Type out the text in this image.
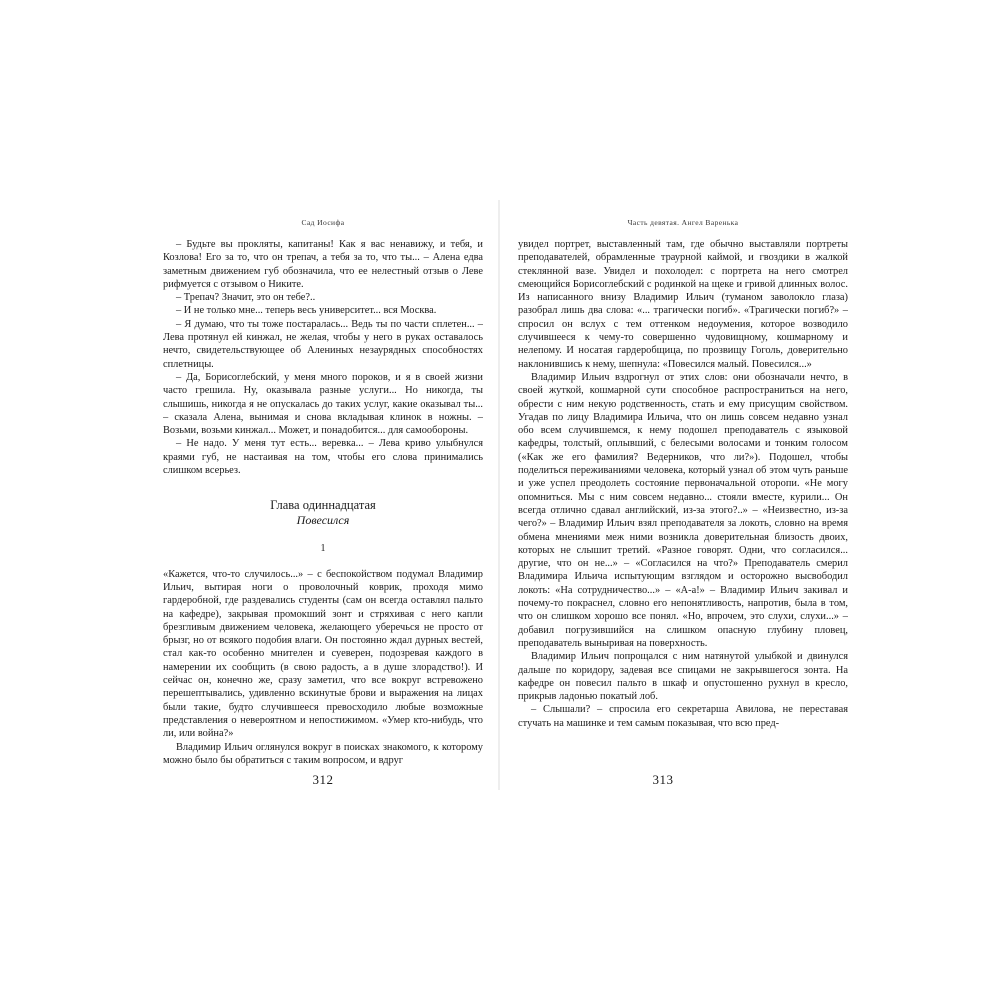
Сад Иосифа

– Будьте вы прокляты, капитаны! Как я вас ненавижу, и тебя, и Козлова! Его за то, что он трепач, а тебя за то, что ты... – Алена едва заметным движением губ обозначила, что ее нелестный отзыв о Леве рифмуется с отзывом о Никите.

– Трепач? Значит, это он тебе?..

– И не только мне... теперь весь университет... вся Москва.

– Я думаю, что ты тоже постаралась... Ведь ты по части сплетен... – Лева протянул ей кинжал, не желая, чтобы у него в руках оставалось нечто, свидетельствующее об Алениных незаурядных способностях сплетницы.

– Да, Борисоглебский, у меня много пороков, и я в своей жизни часто грешила. Ну, оказывала разные услуги... Но никогда, ты слышишь, никогда я не опускалась до таких услуг, какие оказывал ты... – сказала Алена, вынимая и снова вкладывая клинок в ножны. – Возьми, возьми кинжал... Может, и понадобится... для самообороны.

– Не надо. У меня тут есть... веревка... – Лева криво улыбнулся краями губ, не настаивая на том, чтобы его слова принимались слишком всерьез.

Глава одиннадцатая
Повесился
1

«Кажется, что-то случилось...» – с беспокойством подумал Владимир Ильич, вытирая ноги о проволочный коврик, проходя мимо гардеробной, где раздевались студенты (сам он всегда оставлял пальто на кафедре), закрывая промокший зонт и стряхивая с него капли брезгливым движением человека, желающего уберечься не просто от брызг, но от всякого подобия влаги. Он постоянно ждал дурных вестей, стал как-то особенно мнителен и суеверен, подозревая каждого в намерении их сообщить (в свою радость, а в душе злорадство!). И сейчас он, конечно же, сразу заметил, что все вокруг встревожено перешептывались, удивленно вскинутые брови и выражения на лицах были такие, будто случившееся превосходило любые возможные представления о невероятном и непостижимом. «Умер кто-нибудь, что ли, или война?»

Владимир Ильич оглянулся вокруг в поисках знакомого, к которому можно было бы обратиться с таким вопросом, и вдруг

312
Часть девятая. Ангел Варенька

увидел портрет, выставленный там, где обычно выставляли портреты преподавателей, обрамленные траурной каймой, и гвоздики в жалкой стеклянной вазе. Увидел и похолодел: с портрета на него смотрел смеющийся Борисоглебский с родинкой на щеке и гривой длинных волос. Из написанного внизу Владимир Ильич (туманом заволокло глаза) разобрал лишь два слова: «... трагически погиб». «Трагически погиб?» – спросил он вслух с тем оттенком недоумения, которое возводило случившееся к чему-то совершенно чудовищному, кошмарному и нелепому. И носатая гардеробщица, по прозвищу Гоголь, доверительно наклонившись к нему, шепнула: «Повесился малый. Повесился...»

Владимир Ильич вздрогнул от этих слов: они обозначали нечто, в своей жуткой, кошмарной сути способное распространиться на него, обрести с ним некую родственность, стать и ему присущим свойством. Угадав по лицу Владимира Ильича, что он лишь совсем недавно узнал обо всем случившемся, к нему подошел преподаватель с языковой кафедры, толстый, оплывший, с белесыми волосами и тонким голосом («Как же его фамилия? Ведерников, что ли?»). Подошел, чтобы поделиться переживаниями человека, который узнал об этом чуть раньше и уже успел преодолеть состояние первоначальной оторопи. «Не могу опомниться. Мы с ним совсем недавно... стояли вместе, курили... Он всегда отлично сдавал английский, из-за этого?..» – «Неизвестно, из-за чего?» – Владимир Ильич взял преподавателя за локоть, словно на время обмена мнениями меж ними возникла доверительная близость двоих, которых не слышит третий. «Разное говорят. Одни, что согласился... другие, что он не...» – «Согласился на что?» Преподаватель смерил Владимира Ильича испытующим взглядом и осторожно высвободил локоть: «На сотрудничество...» – «А-а!» – Владимир Ильич закивал и почему-то покраснел, словно его непонятливость, напротив, была в том, что он слишком хорошо все понял. «Но, впрочем, это слухи, слухи...» – добавил погрузившийся на слишком опасную глубину пловец, преподаватель выныривая на поверхность.

Владимир Ильич попрощался с ним натянутой улыбкой и двинулся дальше по коридору, задевая все спицами не закрывшегося зонта. На кафедре он повесил пальто в шкаф и опустошенно рухнул в кресло, прикрыв ладонью покатый лоб.

– Слышали? – спросила его секретарша Авилова, не переставая стучать на машинке и тем самым показывая, что всю пред-

313
